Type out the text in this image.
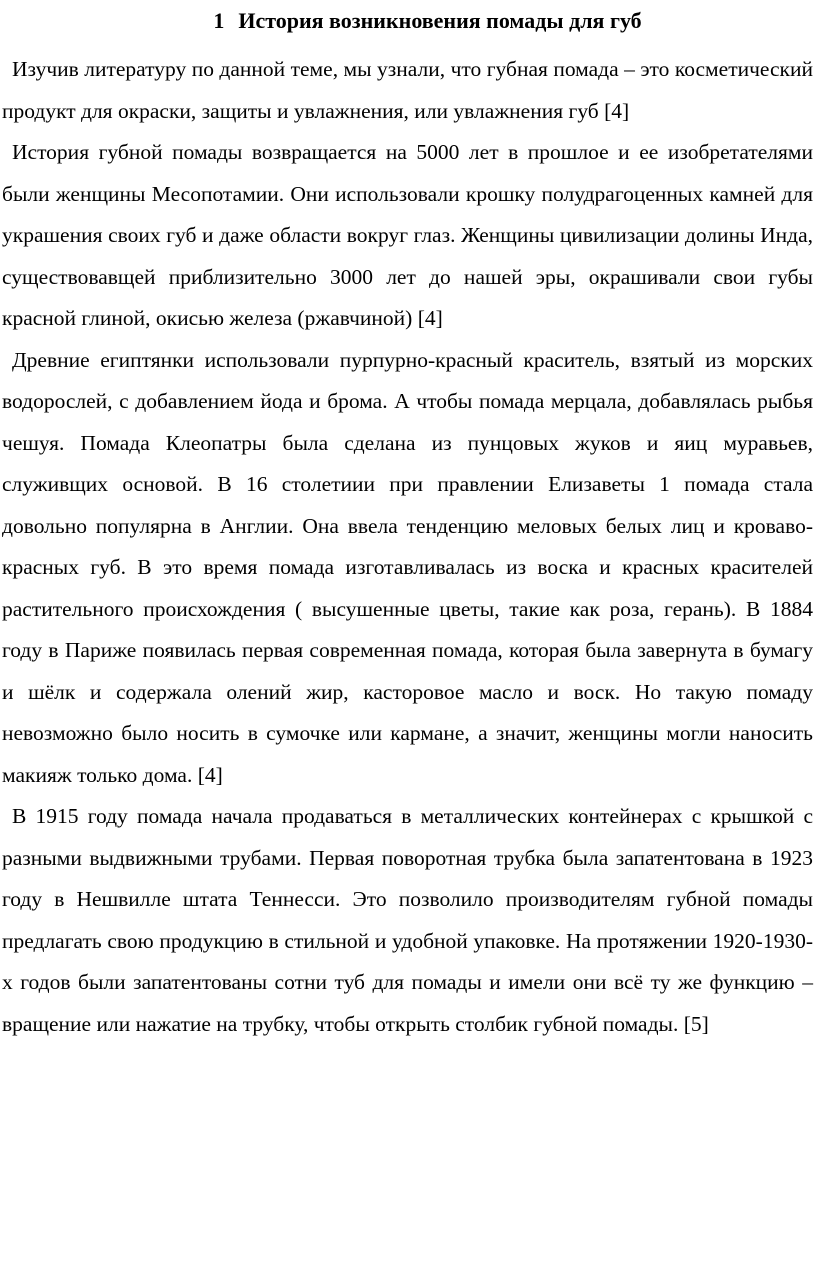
1 История возникновения помады для губ

Изучив литературу по данной теме, мы узнали, что губная помада – это косметический продукт для окраски, защиты и увлажнения, или увлажнения губ [4]

История губной помады возвращается на 5000 лет в прошлое и ее изобретателями были женщины Месопотамии. Они использовали крошку полудрагоценных камней для украшения своих губ и даже области вокруг глаз. Женщины цивилизации долины Инда, существовавщей приблизительно 3000 лет до нашей эры, окрашивали свои губы красной глиной, окисью железа (ржавчиной) [4]

Древние египтянки использовали пурпурно-красный краситель, взятый из морских водорослей, с добавлением йода и брома. А чтобы помада мерцала, добавлялась рыбья чешуя. Помада Клеопатры была сделана из пунцовых жуков и яиц муравьев, служивщих основой. В 16 столетиии при правлении Елизаветы 1 помада стала довольно популярна в Англии. Она ввела тенденцию меловых белых лиц и кроваво- красных губ. В это время помада изготавливалась из воска и красных красителей растительного происхождения ( высушенные цветы, такие как роза, герань). В 1884 году в Париже появилась первая современная помада, которая была завернута в бумагу и шёлк и содержала олений жир, касторовое масло и воск. Но такую помаду невозможно было носить в сумочке или кармане, а значит, женщины могли наносить макияж только дома. [4]

В 1915 году помада начала продаваться в металлических контейнерах с крышкой с разными выдвижными трубами. Первая поворотная трубка была запатентована в 1923 году в Нешвилле штата Теннесси. Это позволило производителям губной помады предлагать свою продукцию в стильной и удобной упаковке. На протяжении 1920-1930-х годов были запатентованы сотни туб для помады и имели они всё ту же функцию – вращение или нажатие на трубку, чтобы открыть столбик губной помады. [5]
